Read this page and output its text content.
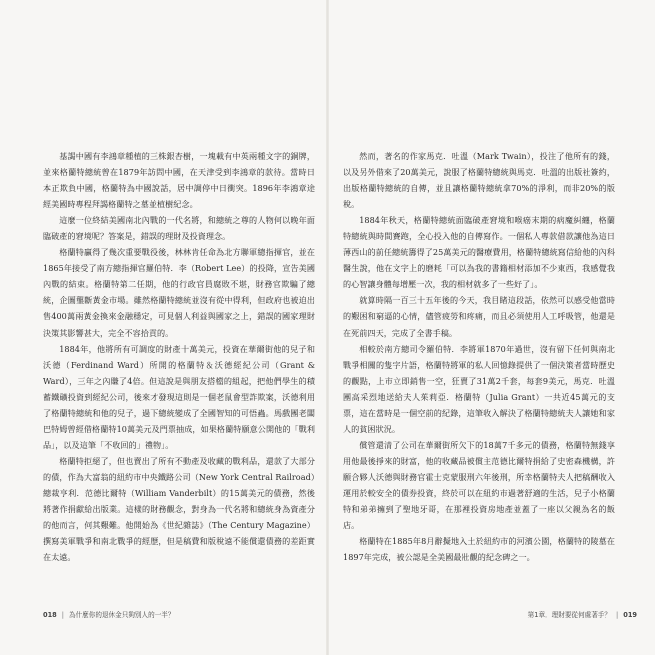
基謁中國有李鴻章種植的三株銀杏樹，一塊載有中英兩種文字的銅牌，並來格蘭特總統曾在1879年訪問中國，在天津受到李鴻章的款待。當時日本正欺負中國，格蘭特為中國說話，居中調停中日衝突。1896年李鴻章途經美國時專程拜謁格蘭特之墓並植樹紀念。

這麼一位終結美國南北內戰的一代名將，和總統之尊的人物何以晚年面臨破產的窘境呢？答案是，錯誤的理財及投資理念。

格蘭特贏得了幾次重要戰役後，林林肯任命為北方聯軍總指揮官，並在1865年接受了南方總指揮官羅伯特．李（Robert Lee）的投降，宣告美國內戰的結束。格蘭特第二任期，他的行政官員腐敗不堪，財務官欺騙了總統，企圖壟斷黃金市場。雖然格蘭特總統並沒有從中得利，但政府也被迫出售400萬兩黃金換來金融穩定，可見個人利益與國家之上，錯誤的國家理財決策其影響甚大，完全不容拾貢的。

1884年，他將所有可調度的財產十萬美元，投資在華爾街他的兒子和沃德（Ferdinand Ward）所開的格蘭特＆沃德經紀公司（Grant & Ward），三年之內賺了4倍。但這說是與朋友搭檔的組起，把他們學生的積蓄鐵礦投資到經紀公司，後來才發現這則是一個老鼠會型詐欺案，沃德利用了格蘭特總統和他的兒子，過下總統變成了全國智知的可悟蟲。馬戲團老闆巴特姆曾經借格蘭特10萬美元及門票抽成，如果格蘭特願意公開他的「戰利品」，以及這筆「不收回的」禮物」。

格蘭特拒絕了，但也賣出了所有不動產及收藏的戰利品，還款了大部分的債，作為大富翁的紐約市中央鐵路公司（New York Central Railroad）總裁亨利．范德比爾特（William Vanderbilt）的15萬美元的債務，然後將著作捐獻給出版業。這樣的財務觀念，對身為一代名將和總統身為資產分的他而言，何其艱難。他開始為《世紀雜誌》（The Century Magazine）撰寫美軍戰爭和南北戰爭的經歷，但是稿費和版稅遠不能償還債務的差距實在太遠。

018 | 為什麼你的退休金只夠別人的一半？

然而，著名的作家馬克．吐溫（Mark Twain），投注了他所有的錢，以及另外借來了20萬美元，說服了格蘭特總統與馬克．吐溫的出版社簽約，出版格蘭特總統的自傳，並且讓格蘭特總統拿70%的淨利，而非20%的版稅。

1884年秋天，格蘭特總統面臨破產窘境和喉癌末期的病魔糾纏，格蘭特總統與時間賽跑，全心投入他的自傳寫作。一個私人專款借款讓他為這日薄西山的前任總統籌得了25萬美元的醫療費用，格蘭特總統寫信給他的內科醫生說，他在文字上的磨耗「可以為我的書籍相材添加不少東西，我感覺我的心智讓身體每增壓一次，我的相材就多了一些好了」。

就算時隔一百三十五年後的今天，我目睹這段話，依然可以感受他當時的艱困和窮逼的心情，儘管疲勞和疼痛，而且必須使用人工呼吸管，他還是在死前四天，完成了全書手稿。

相較於南方總司令羅伯特．李將軍1870年過世，沒有留下任何與南北戰爭相關的隻字片語，格蘭特將軍的私人回憶錄提供了一個決策者當時歷史的觀點，上市立即銷售一空，狂賣了31萬2千套，每套9美元，馬克．吐溫團高采烈地送給夫人茱莉亞．格蘭特（Julia Grant）一共近45萬元的支票，這在當時是一個空前的紀錄，這筆收入解決了格蘭特總統夫人讓她和家人的貧困狀況。

償管還清了公司在華爾街所欠下的18萬7千多元的債務，格蘭特無錢享用他最後掙來的財富，他的收藏品被償主范德比爾特捐給了史密森機構，許願合夥人沃德與財務官霍士克蒙服刑六年後刑，所幸格蘭特夫人把稿酬收入運用於較安全的債券投資，終於可以在紐約市過著舒適的生活，兒子小格蘭特和弟弟擁到了聖地牙哥，在那裡投資房地產並蓋了一座以父親為名的飯店。

格蘭特在1885年8月辭擬地入土於紐約市的河濱公園，格蘭特的陵墓在1897年完成，被公認是全美國最壯觀的紀念碑之一。

第1章．理財要從何處著手？ | 019
